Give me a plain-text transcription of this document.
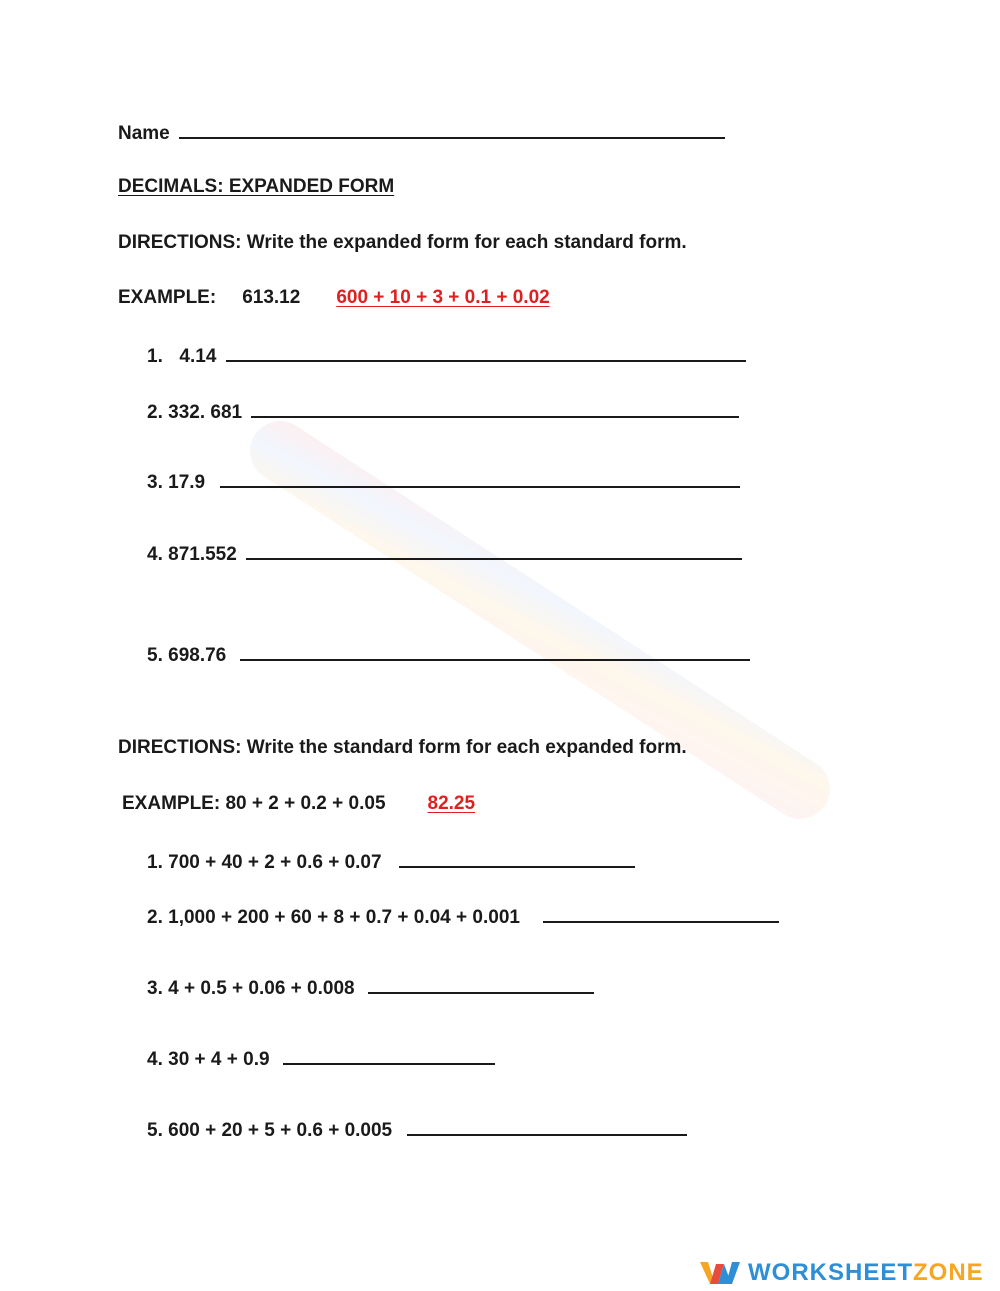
Name
DECIMALS: EXPANDED FORM
DIRECTIONS: Write the expanded form for each standard form.
EXAMPLE: 613.12 600 + 10 + 3 + 0.1 + 0.02
1. 4.14
2. 332. 681
3. 17.9
4. 871.552
5. 698.76
DIRECTIONS: Write the standard form for each expanded form.
EXAMPLE: 80 + 2 + 0.2 + 0.05 82.25
1. 700 + 40 + 2 + 0.6 + 0.07
2. 1,000 + 200 + 60 + 8 + 0.7 + 0.04 + 0.001
3. 4 + 0.5 + 0.06 + 0.008
4. 30 + 4 + 0.9
5. 600 + 20 + 5 + 0.6 + 0.005
WORKSHEETZONE
